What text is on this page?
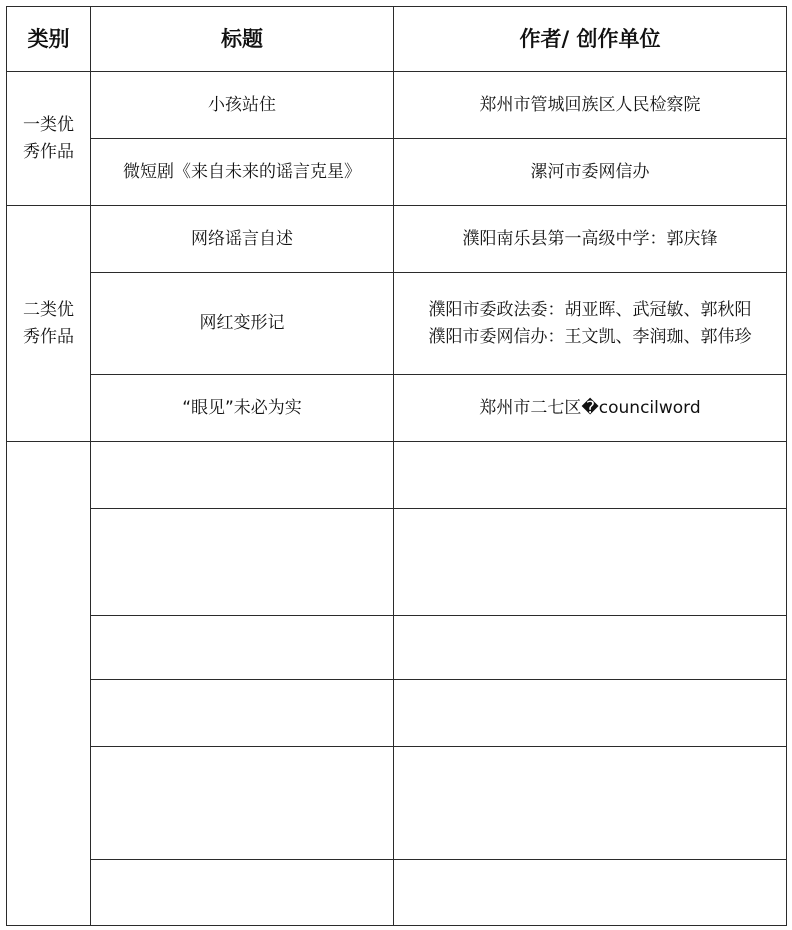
类别	标题	作者/ 创作单位

一类优
秀作品	小孩站住	郑州市管城回族区人民检察院
	微短剧《来自未来的谣言克星》	漯河市委网信办

二类优
秀作品	网络谣言自述	濮阳南乐县第一高级中学：郭庆锋
	网红变形记	濮阳市委政法委：胡亚晖、武冠敏、郭秋阳
濮阳市委网信办：王文凯、李润珈、郭伟珍

	“眼见”未必为实	郑州市二七区�councilword
